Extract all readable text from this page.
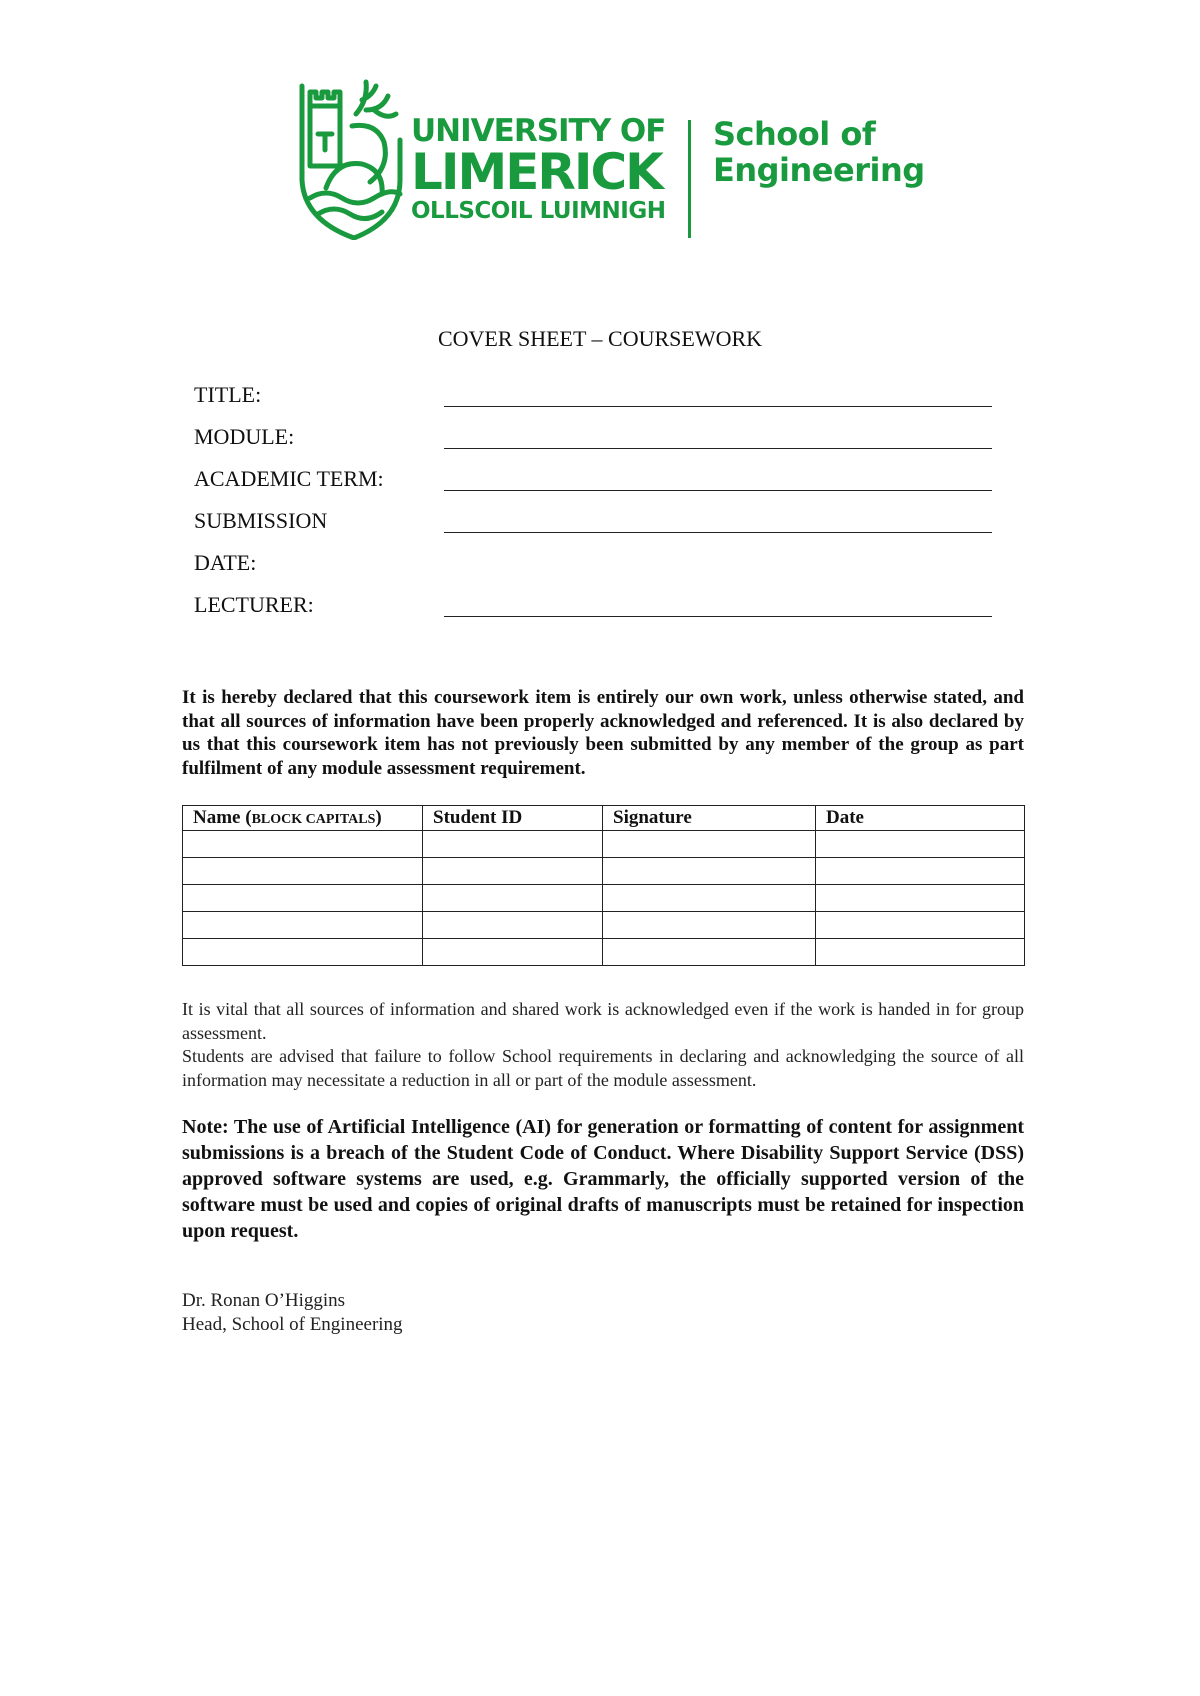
UNIVERSITY OF
LIMERICK
OLLSCOIL LUIMNIGH
School of
Engineering
COVER SHEET – COURSEWORK
TITLE:
MODULE:
ACADEMIC TERM:
SUBMISSION
DATE:
LECTURER:
It is hereby declared that this coursework item is entirely our own work, unless otherwise stated, and that all sources of information have been properly acknowledged and referenced. It is also declared by us that this coursework item has not previously been submitted by any member of the group as part fulfilment of any module assessment requirement.
Name (BLOCK CAPITALS)	Student ID	Signature	Date

It is vital that all sources of information and shared work is acknowledged even if the work is handed in for group assessment.
Students are advised that failure to follow School requirements in declaring and acknowledging the source of all information may necessitate a reduction in all or part of the module assessment.
Note: The use of Artificial Intelligence (AI) for generation or formatting of content for assignment submissions is a breach of the Student Code of Conduct. Where Disability Support Service (DSS) approved software systems are used, e.g. Grammarly, the officially supported version of the software must be used and copies of original drafts of manuscripts must be retained for inspection upon request.
Dr. Ronan O’Higgins
Head, School of Engineering
